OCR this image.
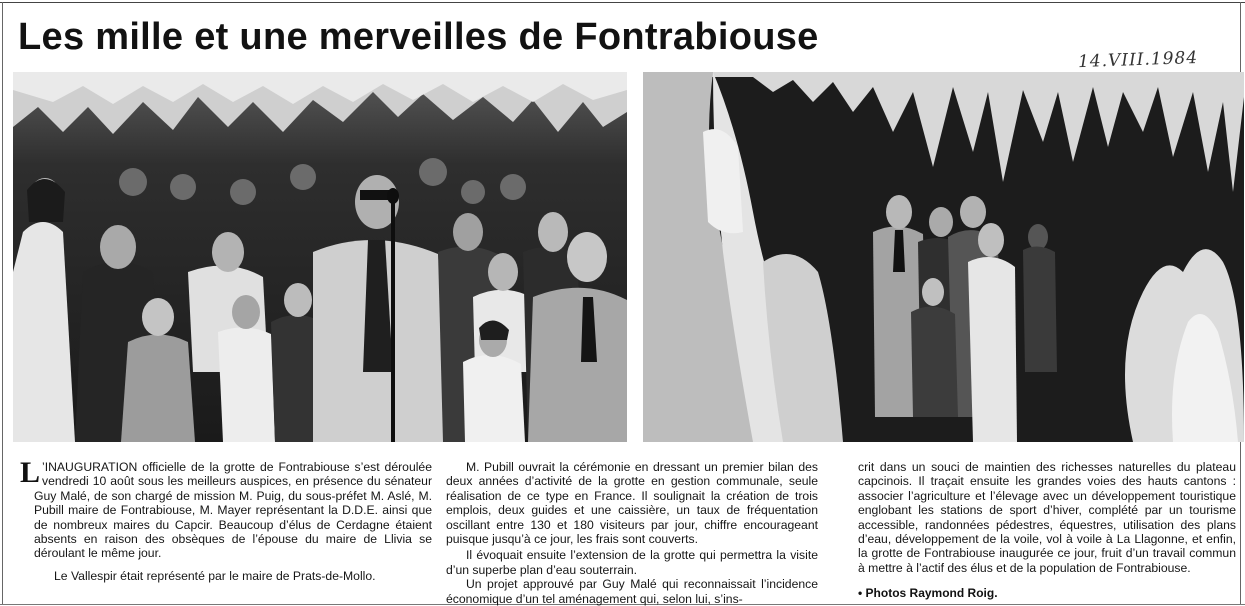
Les mille et une merveilles de Fontrabiouse
14.VIII.1984

L ’INAUGURATION officielle de la grotte de Fontrabiouse s’est déroulée vendredi 10 août sous les meilleurs auspices, en présence du sénateur Guy Malé, de son chargé de mission M. Puig, du sous-préfet M. Aslé, M. Pubill maire de Fontrabiouse, M. Mayer représentant la D.D.E. ainsi que de nombreux maires du Capcir. Beaucoup d’élus de Cerdagne étaient absents en raison des obsèques de l’épouse du maire de Llivia se déroulant le même jour.

Le Vallespir était représenté par le maire de Prats-de-Mollo.

M. Pubill ouvrait la cérémonie en dressant un premier bilan des deux années d’activité de la grotte en gestion communale, seule réalisation de ce type en France. Il soulignait la création de trois emplois, deux guides et une caissière, un taux de fréquentation oscillant entre 130 et 180 visiteurs par jour, chiffre encourageant puisque jusqu’à ce jour, les frais sont couverts.

Il évoquait ensuite l’extension de la grotte qui permettra la visite d’un superbe plan d’eau souterrain.

Un projet approuvé par Guy Malé qui reconnaissait l’incidence économique d’un tel aménagement qui, selon lui, s’ins-

crit dans un souci de maintien des richesses naturelles du plateau capcinois. Il traçait ensuite les grandes voies des hauts cantons : associer l’agriculture et l’élevage avec un développement touristique englobant les stations de sport d’hiver, complété par un tourisme accessible, randonnées pédestres, équestres, utilisation des plans d’eau, développement de la voile, vol à voile à La Llagonne, et enfin, la grotte de Fontrabiouse inaugurée ce jour, fruit d’un travail commun à mettre à l’actif des élus et de la population de Fontrabiouse.

• Photos Raymond Roig.
